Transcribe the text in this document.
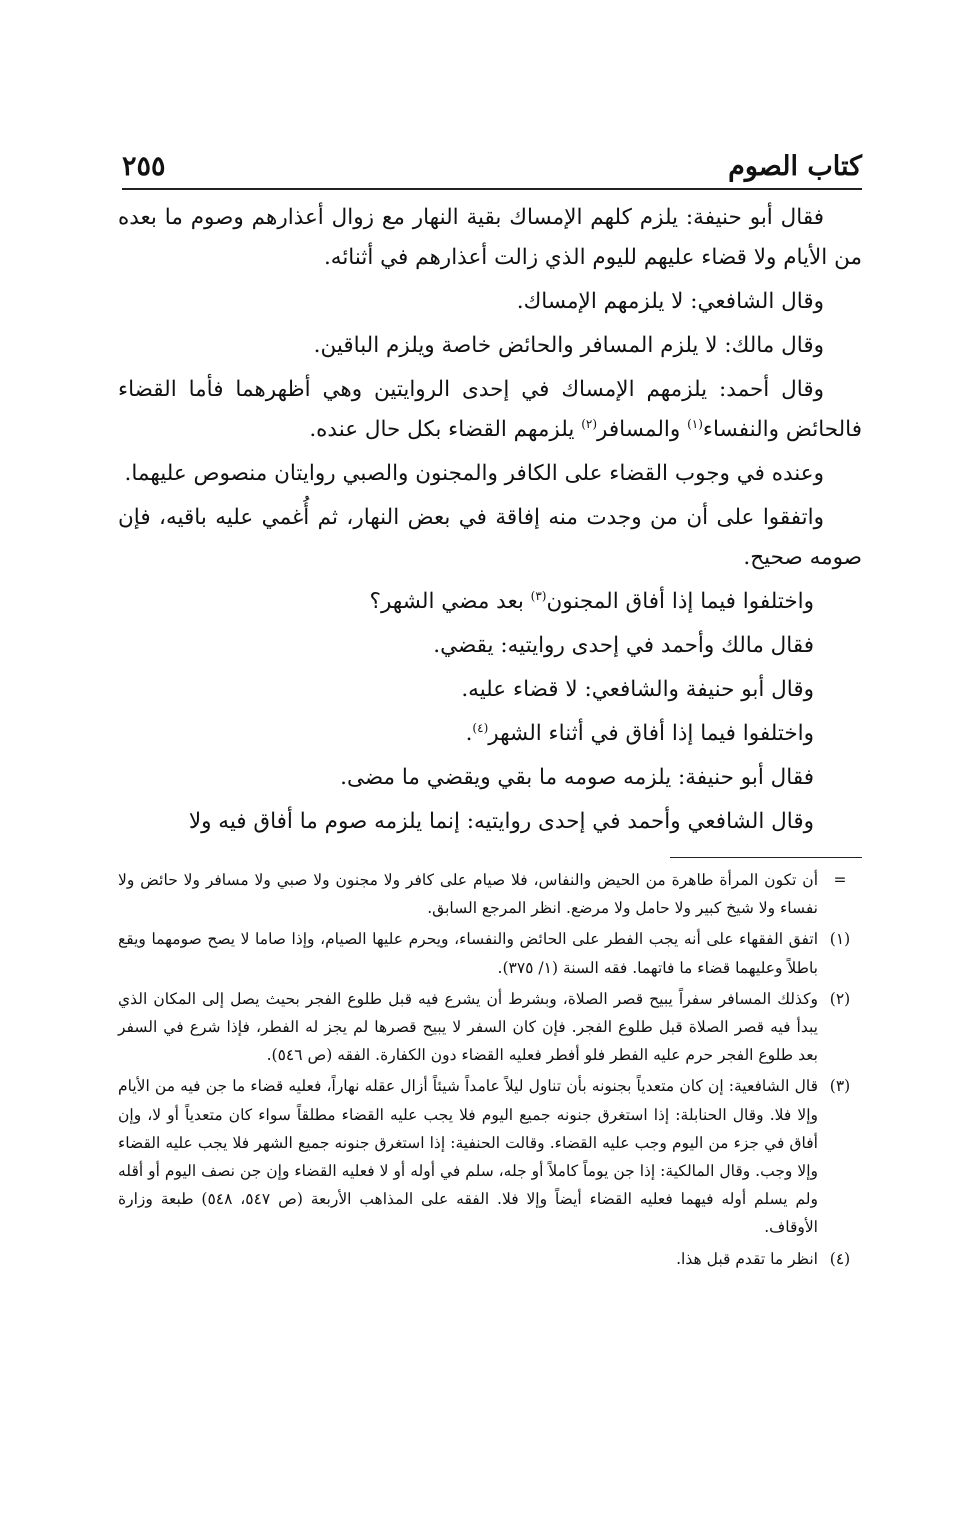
كتاب الصوم
٢٥٥

فقال أبو حنيفة: يلزم كلهم الإمساك بقية النهار مع زوال أعذارهم وصوم ما بعده من الأيام ولا قضاء عليهم لليوم الذي زالت أعذارهم في أثنائه.

وقال الشافعي: لا يلزمهم الإمساك.

وقال مالك: لا يلزم المسافر والحائض خاصة ويلزم الباقين.

وقال أحمد: يلزمهم الإمساك في إحدى الروايتين وهي أظهرهما فأما القضاء فالحائض والنفساء$^{(١)}$ والمسافر$^{(٢)}$ يلزمهم القضاء بكل حال عنده.

وعنده في وجوب القضاء على الكافر والمجنون والصبي روايتان منصوص عليهما.

واتفقوا على أن من وجدت منه إفاقة في بعض النهار، ثم أُغمي عليه باقيه، فإن صومه صحيح.

واختلفوا فيما إذا أفاق المجنون$^{(٣)}$ بعد مضي الشهر؟

فقال مالك وأحمد في إحدى روايتيه: يقضي.

وقال أبو حنيفة والشافعي: لا قضاء عليه.

واختلفوا فيما إذا أفاق في أثناء الشهر$^{(٤)}$.

فقال أبو حنيفة: يلزمه صومه ما بقي ويقضي ما مضى.

وقال الشافعي وأحمد في إحدى روايتيه: إنما يلزمه صوم ما أفاق فيه ولا

=
أن تكون المرأة طاهرة من الحيض والنفاس، فلا صيام على كافر ولا مجنون ولا صبي ولا مسافر ولا حائض ولا نفساء ولا شيخ كبير ولا حامل ولا مرضع. انظر المرجع السابق.
(١)
اتفق الفقهاء على أنه يجب الفطر على الحائض والنفساء، ويحرم عليها الصيام، وإذا صاما لا يصح صومهما ويقع باطلاً وعليهما قضاء ما فاتهما. فقه السنة (١/ ٣٧٥).
(٢)
وكذلك المسافر سفراً يبيح قصر الصلاة، وبشرط أن يشرع فيه قبل طلوع الفجر بحيث يصل إلى المكان الذي يبدأ فيه قصر الصلاة قبل طلوع الفجر. فإن كان السفر لا يبيح قصرها لم يجز له الفطر، فإذا شرع في السفر بعد طلوع الفجر حرم عليه الفطر فلو أفطر فعليه القضاء دون الكفارة. الفقه (ص ٥٤٦).
(٣)
قال الشافعية: إن كان متعدياً بجنونه بأن تناول ليلاً عامداً شيئاً أزال عقله نهاراً، فعليه قضاء ما جن فيه من الأيام وإلا فلا. وقال الحنابلة: إذا استغرق جنونه جميع اليوم فلا يجب عليه القضاء مطلقاً سواء كان متعدياً أو لا، وإن أفاق في جزء من اليوم وجب عليه القضاء. وقالت الحنفية: إذا استغرق جنونه جميع الشهر فلا يجب عليه القضاء وإلا وجب. وقال المالكية: إذا جن يوماً كاملاً أو جله، سلم في أوله أو لا فعليه القضاء وإن جن نصف اليوم أو أقله ولم يسلم أوله فيهما فعليه القضاء أيضاً وإلا فلا. الفقه على المذاهب الأربعة (ص ٥٤٧، ٥٤٨) طبعة وزارة الأوقاف.
(٤)
انظر ما تقدم قبل هذا.
